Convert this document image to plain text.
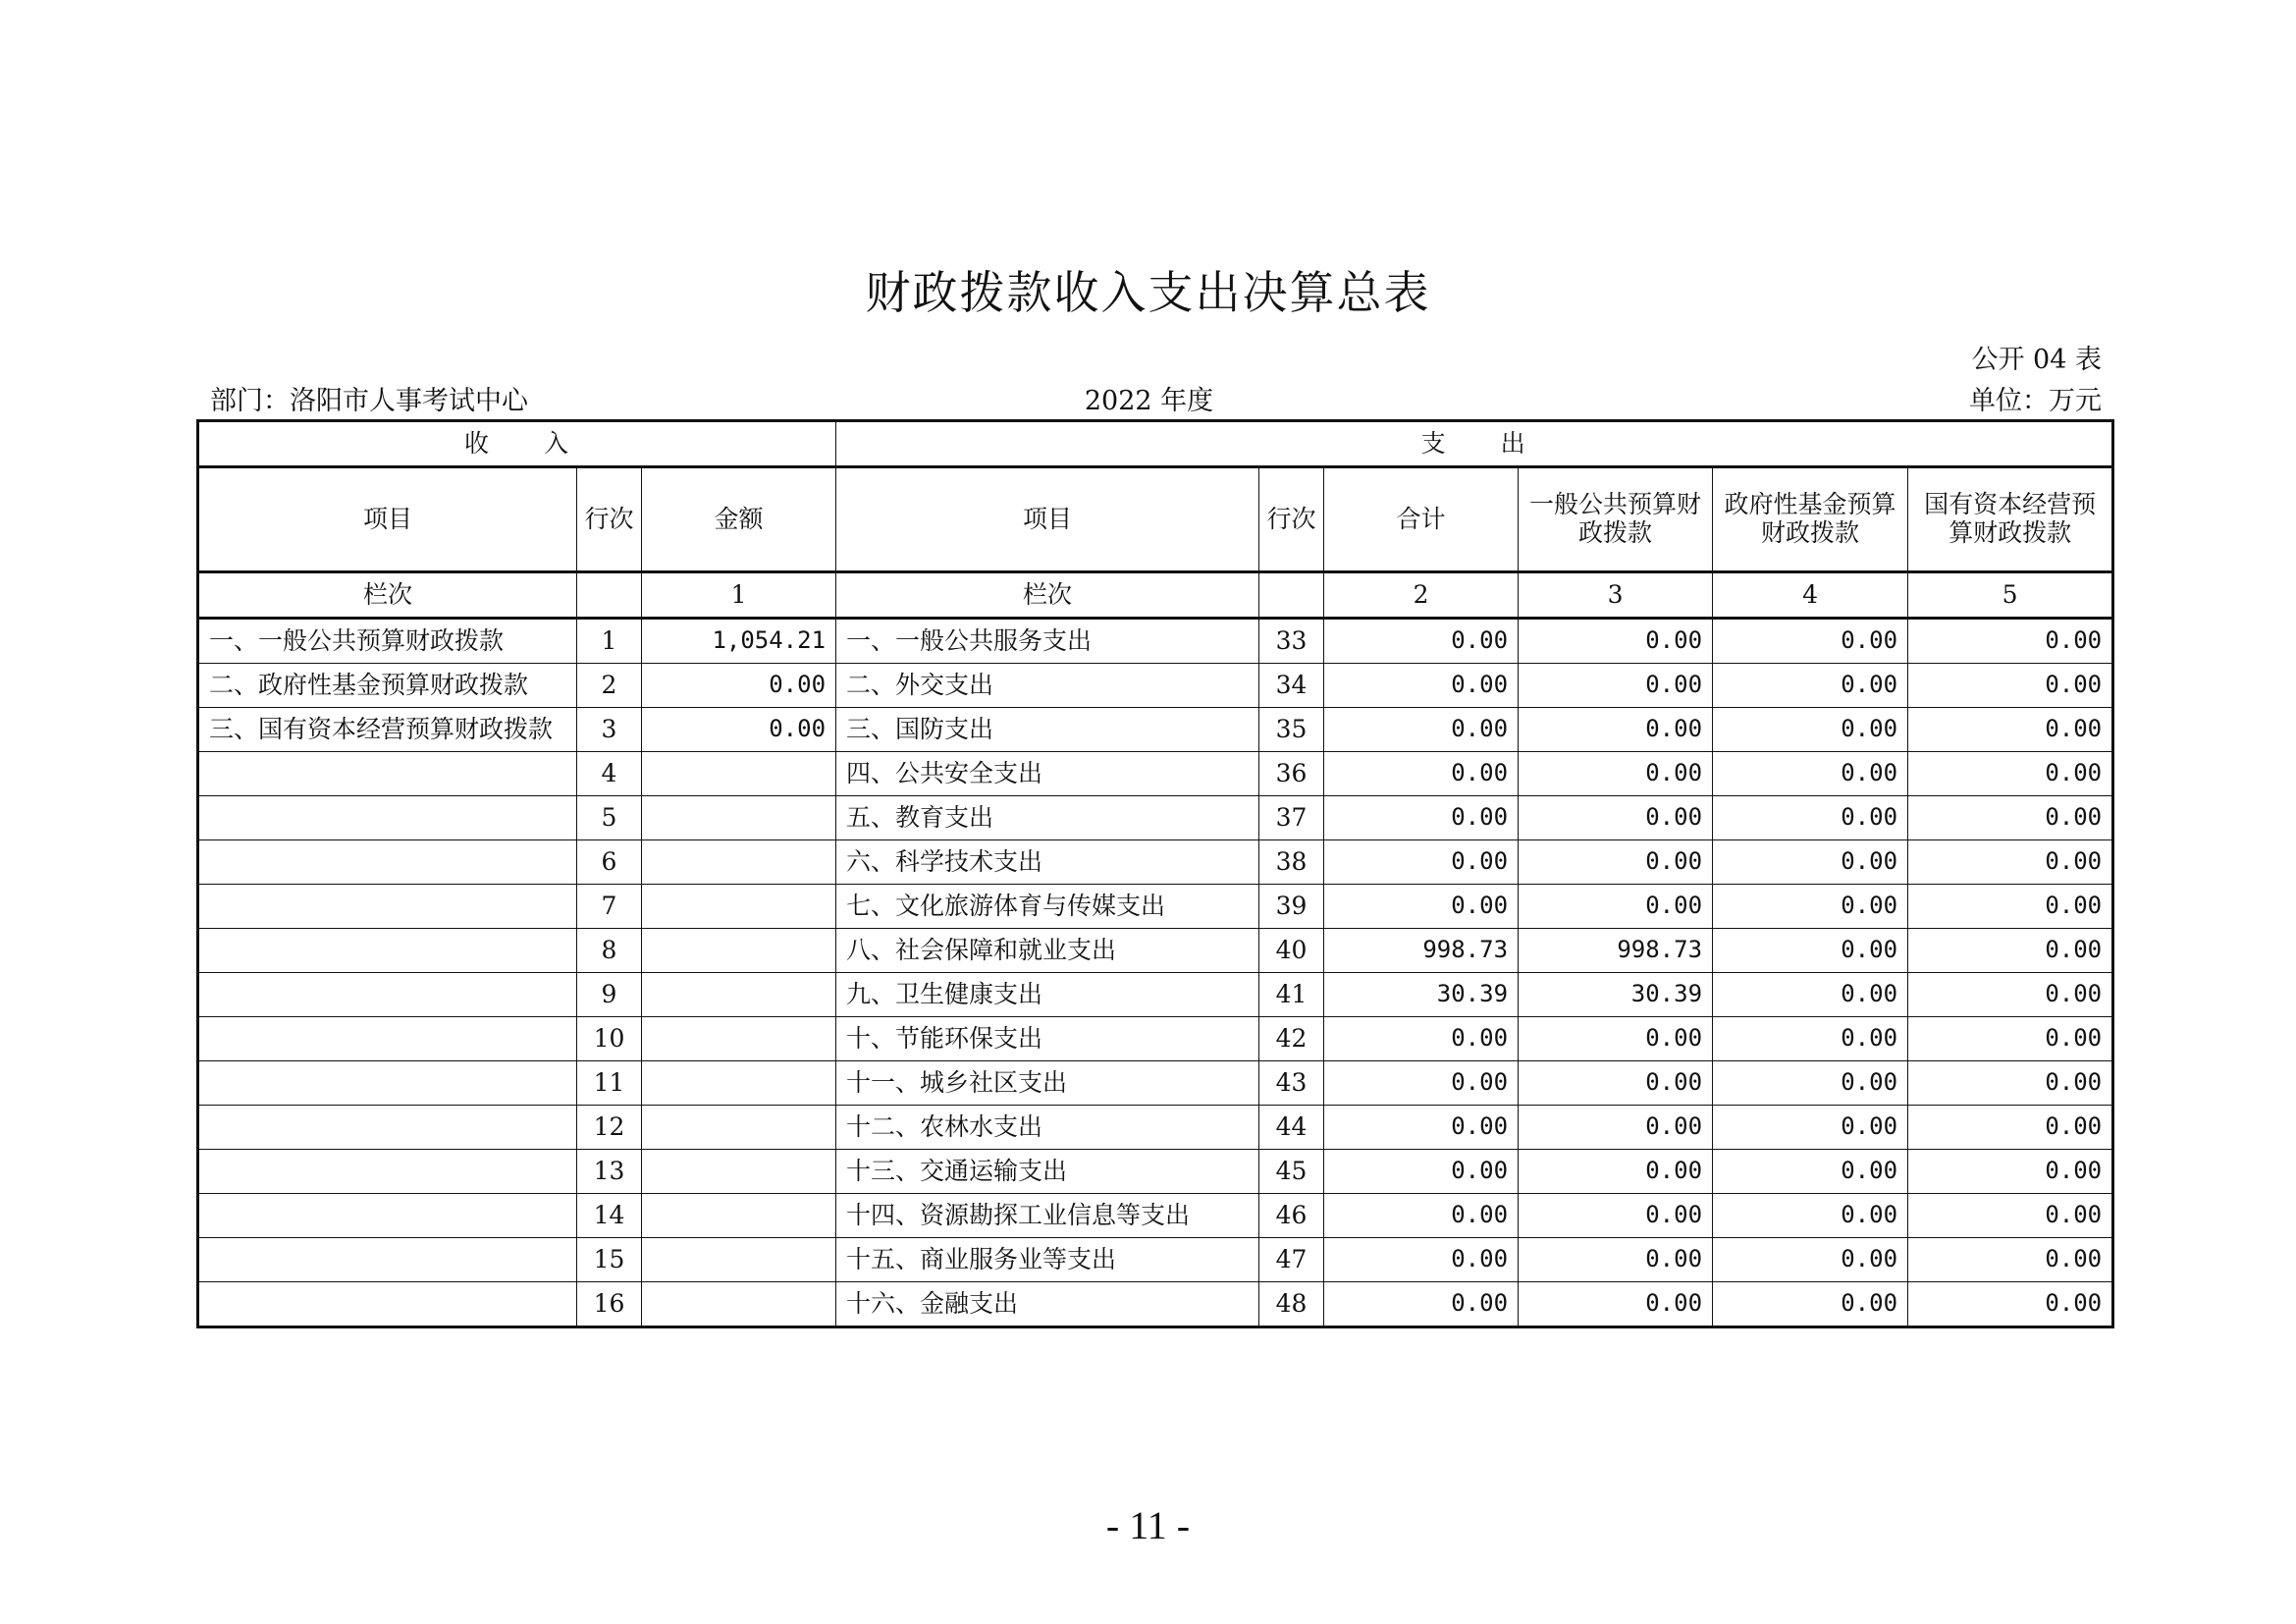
财政拨款收入支出决算总表
公开 04 表
部门：洛阳市人事考试中心	2022 年度	单位：万元
收　　入			支　　出					
项目	行次	金额	项目	行次	合计	一般公共预算财政拨款	政府性基金预算财政拨款	国有资本经营预算财政拨款
栏次		1	栏次		2	3	4	5
一、一般公共预算财政拨款	1	1,054.21	一、一般公共服务支出	33	0.00	0.00	0.00	0.00
二、政府性基金预算财政拨款	2	0.00	二、外交支出	34	0.00	0.00	0.00	0.00
三、国有资本经营预算财政拨款	3	0.00	三、国防支出	35	0.00	0.00	0.00	0.00
	4		四、公共安全支出	36	0.00	0.00	0.00	0.00
	5		五、教育支出	37	0.00	0.00	0.00	0.00
	6		六、科学技术支出	38	0.00	0.00	0.00	0.00
	7		七、文化旅游体育与传媒支出	39	0.00	0.00	0.00	0.00
	8		八、社会保障和就业支出	40	998.73	998.73	0.00	0.00
	9		九、卫生健康支出	41	30.39	30.39	0.00	0.00
	10		十、节能环保支出	42	0.00	0.00	0.00	0.00
	11		十一、城乡社区支出	43	0.00	0.00	0.00	0.00
	12		十二、农林水支出	44	0.00	0.00	0.00	0.00
	13		十三、交通运输支出	45	0.00	0.00	0.00	0.00
	14		十四、资源勘探工业信息等支出	46	0.00	0.00	0.00	0.00
	15		十五、商业服务业等支出	47	0.00	0.00	0.00	0.00
	16		十六、金融支出	48	0.00	0.00	0.00	0.00
- 11 -
